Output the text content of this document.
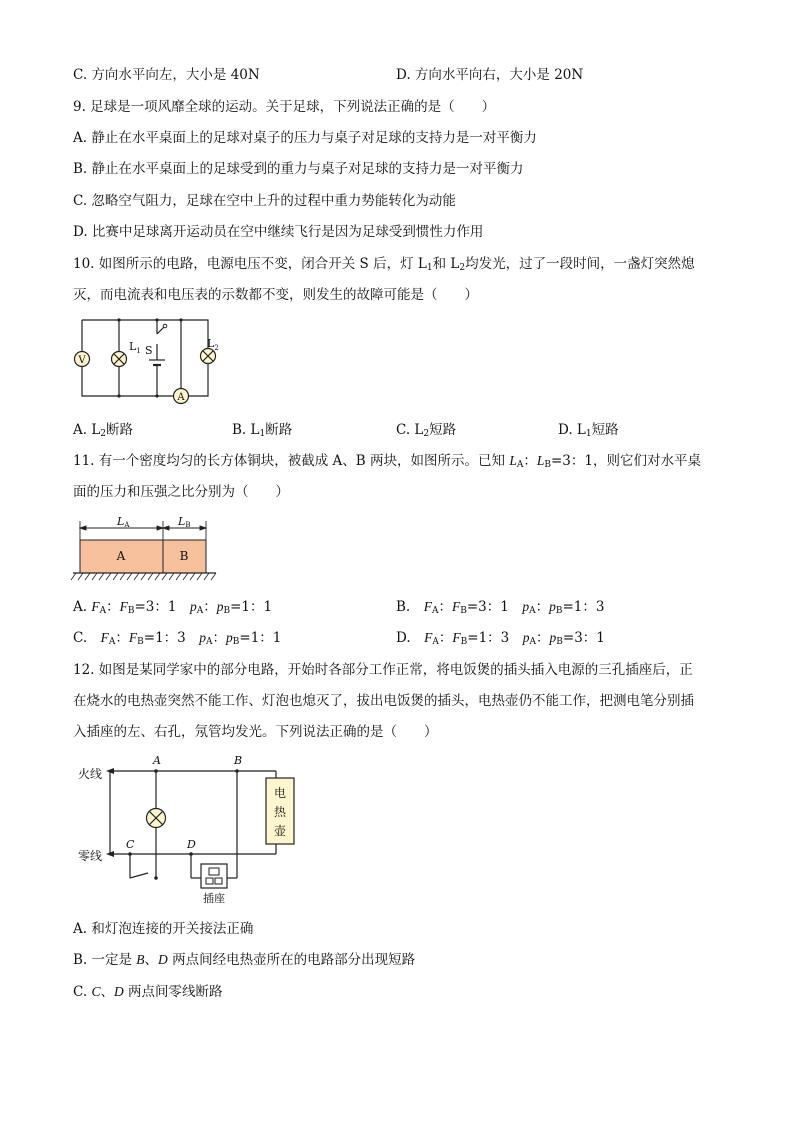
C. 方向水平向左，大小是 40N	D. 方向水平向右，大小是 20N
9. 足球是一项风靡全球的运动。关于足球，下列说法正确的是（　　）
A. 静止在水平桌面上的足球对桌子的压力与桌子对足球的支持力是一对平衡力
B. 静止在水平桌面上的足球受到的重力与桌子对足球的支持力是一对平衡力
C. 忽略空气阻力，足球在空中上升的过程中重力势能转化为动能
D. 比赛中足球离开运动员在空中继续飞行是因为足球受到惯性力作用
10. 如图所示的电路，电源电压不变，闭合开关 S 后，灯 $L_1$和 $L_2$均发光，过了一段时间，一盏灯突然熄
灭，而电流表和电压表的示数都不变，则发生的故障可能是（　　）
V
$L_1$ S
$L_2$
A
A. $L_2$断路	B. $L_1$断路	C. $L_2$短路	D. $L_1$短路
11. 有一个密度均匀的长方体铜块，被截成 A、B 两块，如图所示。已知 $L_A$：$L_B=3$：1，则它们对水平桌
面的压力和压强之比分别为（　　）
LA	LB
A	B
A. $F_A$：$F_B=3$：1　 $p_A$：$p_B=1$：1	B.　$F_A$：$F_B=3$：1　 $p_A$：$p_B=1$：3
C.　$F_A$：$F_B=1$：3　 $p_A$：$p_B=1$：1	D.　$F_A$：$F_B=1$：3　 $p_A$：$p_B=3$：1
12. 如图是某同学家中的部分电路，开始时各部分工作正常，将电饭煲的插头插入电源的三孔插座后，正
在烧水的电热壶突然不能工作、灯泡也熄灭了，拔出电饭煲的插头，电热壶仍不能工作，把测电笔分别插
入插座的左、右孔，氖管均发光。下列说法正确的是（　　）
火线
零线
A	B
C	D
插座
电
热
壶
A. 和灯泡连接的开关接法正确
B. 一定是 B、D 两点间经电热壶所在的电路部分出现短路
C. C、D 两点间零线断路
